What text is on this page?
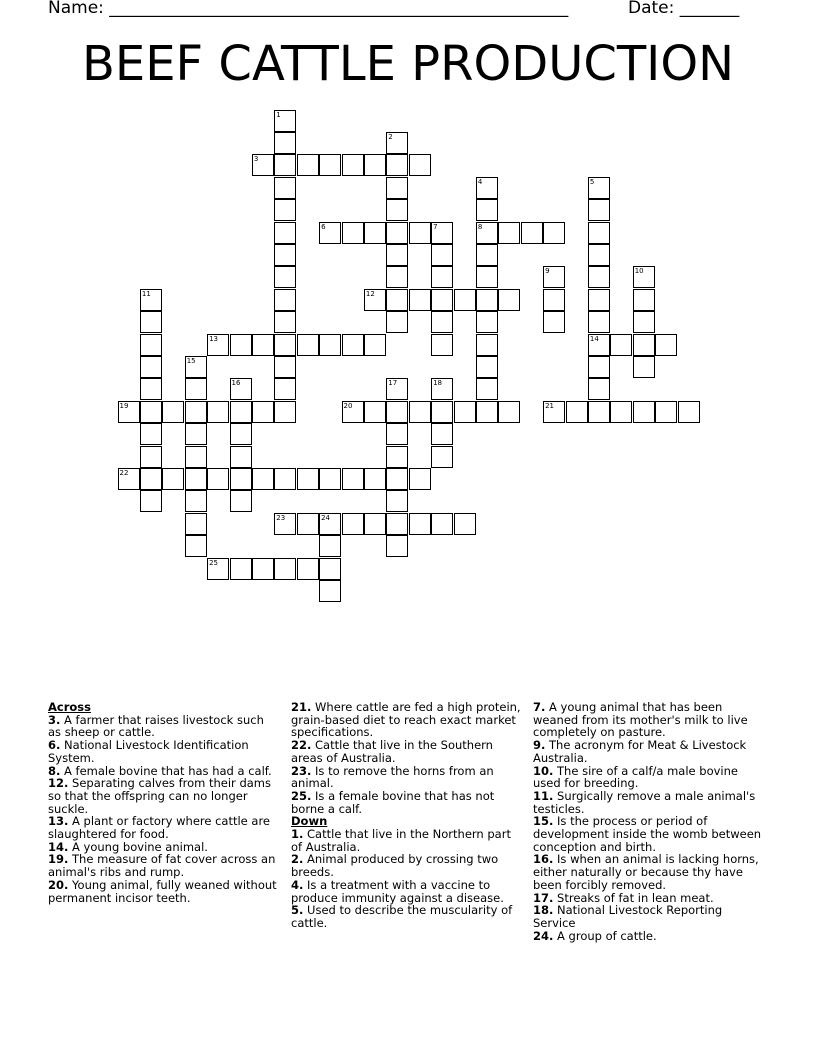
Name: ______________________________________________________	Date: _______
BEEF CATTLE PRODUCTION
1
2
3
4
8
5
14
6	7
9	10
11	12
13
15
16	17	18
19	20	21
22
23	24
25
Across
3. A farmer that raises livestock such as sheep or cattle.
6. National Livestock Identification System.
8. A female bovine that has had a calf.
12. Separating calves from their dams so that the offspring can no longer suckle.
13. A plant or factory where cattle are slaughtered for food.
14. A young bovine animal.
19. The measure of fat cover across an animal's ribs and rump.
20. Young animal, fully weaned without permanent incisor teeth.
21. Where cattle are fed a high protein, grain-based diet to reach exact market specifications.
22. Cattle that live in the Southern areas of Australia.
23. Is to remove the horns from an animal.
25. Is a female bovine that has not borne a calf.
Down
1. Cattle that live in the Northern part of Australia.
2. Animal produced by crossing two breeds.
4. Is a treatment with a vaccine to produce immunity against a disease.
5. Used to describe the muscularity of cattle.
7. A young animal that has been weaned from its mother's milk to live completely on pasture.
9. The acronym for Meat & Livestock Australia.
10. The sire of a calf/a male bovine used for breeding.
11. Surgically remove a male animal's testicles.
15. Is the process or period of development inside the womb between conception and birth.
16. Is when an animal is lacking horns, either naturally or because thy have been forcibly removed.
17. Streaks of fat in lean meat.
18. National Livestock Reporting Service
24. A group of cattle.
